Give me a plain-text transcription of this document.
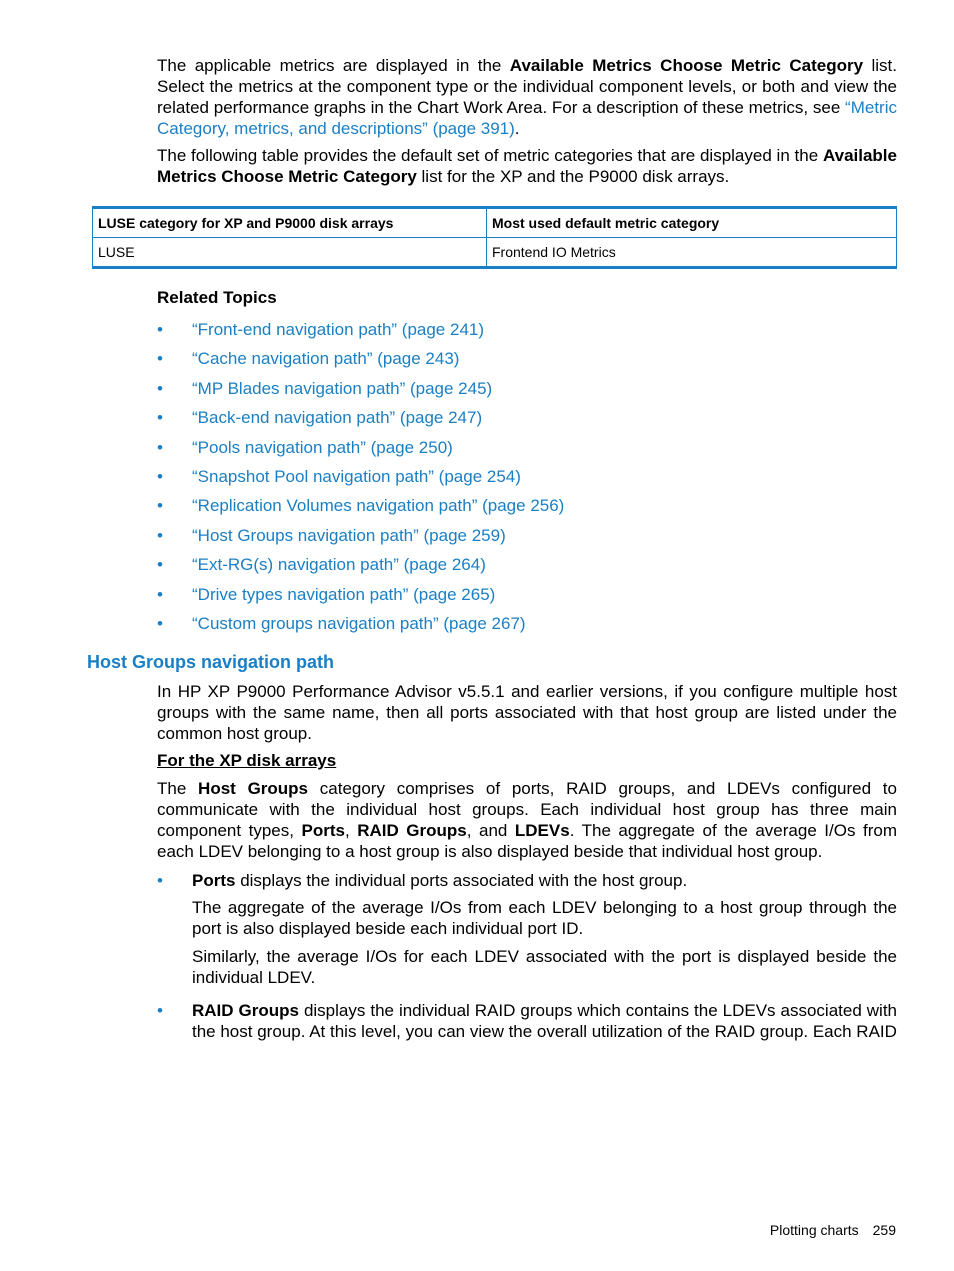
The applicable metrics are displayed in the Available Metrics Choose Metric Category list. Select the metrics at the component type or the individual component levels, or both and view the related performance graphs in the Chart Work Area. For a description of these metrics, see “Metric Category, metrics, and descriptions” (page 391).

The following table provides the default set of metric categories that are displayed in the Available Metrics Choose Metric Category list for the XP and the P9000 disk arrays.

LUSE category for XP and P9000 disk arrays	Most used default metric category
LUSE	Frontend IO Metrics

Related Topics

• “Front-end navigation path” (page 241)
• “Cache navigation path” (page 243)
• “MP Blades navigation path” (page 245)
• “Back-end navigation path” (page 247)
• “Pools navigation path” (page 250)
• “Snapshot Pool navigation path” (page 254)
• “Replication Volumes navigation path” (page 256)
• “Host Groups navigation path” (page 259)
• “Ext-RG(s) navigation path” (page 264)
• “Drive types navigation path” (page 265)
• “Custom groups navigation path” (page 267)
Host Groups navigation path

In HP XP P9000 Performance Advisor v5.5.1 and earlier versions, if you configure multiple host groups with the same name, then all ports associated with that host group are listed under the common host group.

For the XP disk arrays

The Host Groups category comprises of ports, RAID groups, and LDEVs configured to communicate with the individual host groups. Each individual host group has three main component types, Ports, RAID Groups, and LDEVs. The aggregate of the average I/Os from each LDEV belonging to a host group is also displayed beside that individual host group.

• Ports displays the individual ports associated with the host group.

The aggregate of the average I/Os from each LDEV belonging to a host group through the port is also displayed beside each individual port ID.

Similarly, the average I/Os for each LDEV associated with the port is displayed beside the individual LDEV.

• RAID Groups displays the individual RAID groups which contains the LDEVs associated with the host group. At this level, you can view the overall utilization of the RAID group. Each RAID

Plotting charts 259
